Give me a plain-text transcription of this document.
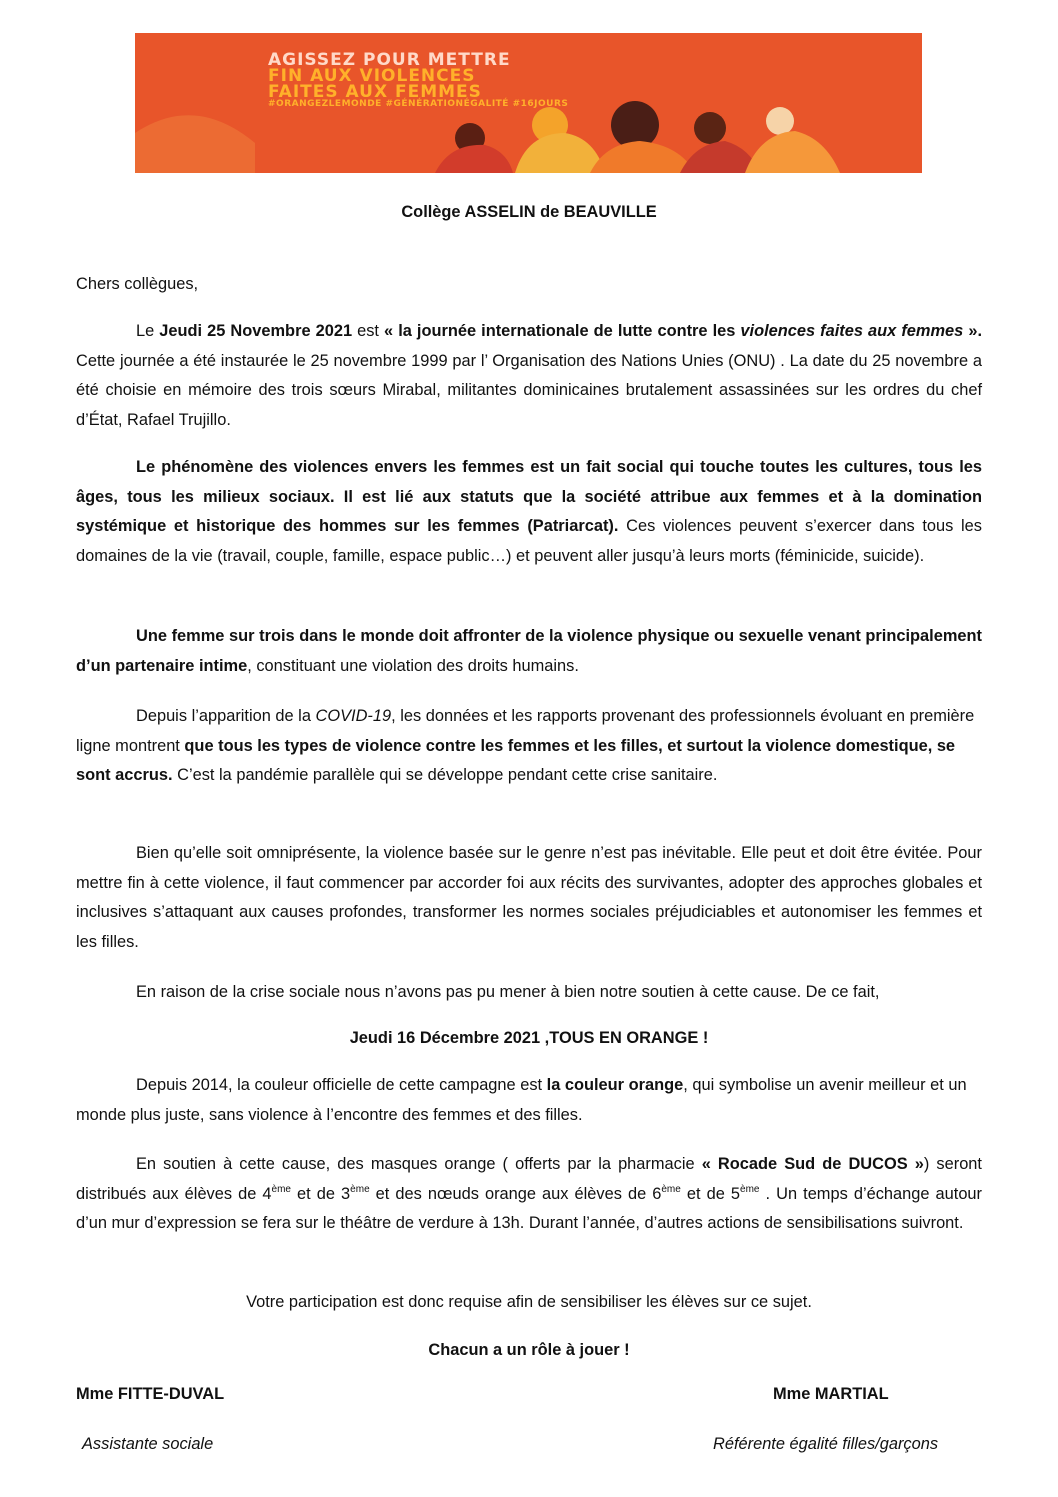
AGISSEZ POUR METTRE
FIN AUX VIOLENCES
FAITES AUX FEMMES
#ORANGEZLEMONDE #GÉNÉRATIONÉGALITÉ #16JOURS
Collège ASSELIN de BEAUVILLE
Chers collègues,
Le Jeudi 25 Novembre 2021 est « la journée internationale de lutte contre les violences faites aux femmes ». Cette journée a été instaurée le 25 novembre 1999 par l’ Organisation des Nations Unies (ONU) . La date du 25 novembre a été choisie en mémoire des trois sœurs Mirabal, militantes dominicaines brutalement assassinées sur les ordres du chef d’État, Rafael Trujillo.
Le phénomène des violences envers les femmes est un fait social qui touche toutes les cultures, tous les âges, tous les milieux sociaux. Il est lié aux statuts que la société attribue aux femmes et à la domination systémique et historique des hommes sur les femmes (Patriarcat). Ces violences peuvent s’exercer dans tous les domaines de la vie (travail, couple, famille, espace public…) et peuvent aller jusqu’à leurs morts (féminicide, suicide).
Une femme sur trois dans le monde doit affronter de la violence physique ou sexuelle venant principalement d’un partenaire intime, constituant une violation des droits humains.
Depuis l’apparition de la COVID-19, les données et les rapports provenant des professionnels évoluant en première ligne montrent que tous les types de violence contre les femmes et les filles, et surtout la violence domestique, se sont accrus. C’est la pandémie parallèle qui se développe pendant cette crise sanitaire.
Bien qu’elle soit omniprésente, la violence basée sur le genre n’est pas inévitable. Elle peut et doit être évitée. Pour mettre fin à cette violence, il faut commencer par accorder foi aux récits des survivantes, adopter des approches globales et inclusives s’attaquant aux causes profondes, transformer les normes sociales préjudiciables et autonomiser les femmes et les filles.
En raison de la crise sociale nous n’avons pas pu mener à bien notre soutien à cette cause. De ce fait,
Jeudi 16 Décembre 2021 ,TOUS EN ORANGE !
Depuis 2014, la couleur officielle de cette campagne est la couleur orange, qui symbolise un avenir meilleur et un monde plus juste, sans violence à l’encontre des femmes et des filles.
En soutien à cette cause, des masques orange ( offerts par la pharmacie « Rocade Sud de DUCOS ») seront distribués aux élèves de 4ème et de 3ème et des nœuds orange aux élèves de 6ème et de 5ème . Un temps d’échange autour d’un mur d’expression se fera sur le théâtre de verdure à 13h. Durant l’année, d’autres actions de sensibilisations suivront.
Votre participation est donc requise afin de sensibiliser les élèves sur ce sujet.
Chacun a un rôle à jouer !
Mme FITTE-DUVAL
Assistante sociale
Mme MARTIAL
Référente égalité filles/garçons
